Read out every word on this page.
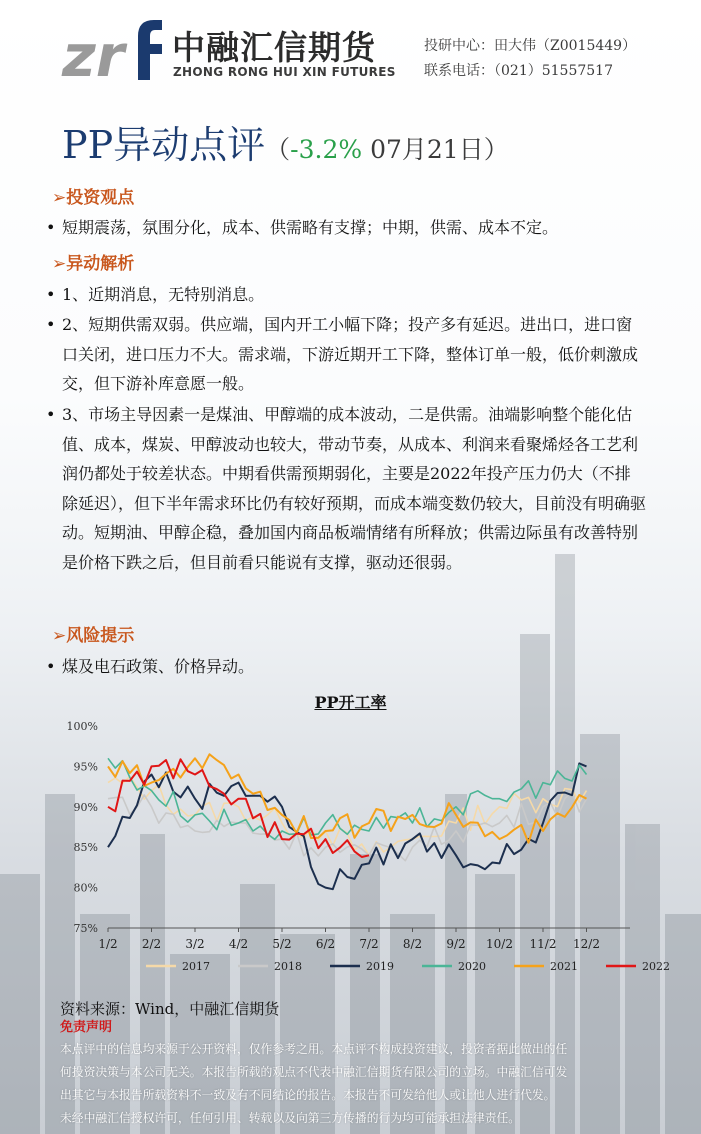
zr 中融汇信期货
ZHONG RONG HUI XIN FUTURES
投研中心：田大伟（Z0015449）
联系电话：（021）51557517
PP异动点评（-3.2% 07月21日）
➢投资观点
• 短期震荡，氛围分化，成本、供需略有支撑；中期，供需、成本不定。
➢异动解析
• 1、近期消息，无特别消息。
• 2、短期供需双弱。供应端，国内开工小幅下降；投产多有延迟。进出口，进口窗口关闭，进口压力不大。需求端，下游近期开工下降，整体订单一般，低价刺激成交，但下游补库意愿一般。
• 3、市场主导因素一是煤油、甲醇端的成本波动，二是供需。油端影响整个能化估值、成本，煤炭、甲醇波动也较大，带动节奏，从成本、利润来看聚烯烃各工艺利润仍都处于较差状态。中期看供需预期弱化，主要是2022年投产压力仍大（不排除延迟），但下半年需求环比仍有较好预期，而成本端变数仍较大，目前没有明确驱动。短期油、甲醇企稳，叠加国内商品板端情绪有所释放；供需边际虽有改善特别是价格下跌之后，但目前看只能说有支撑，驱动还很弱。
➢风险提示
• 煤及电石政策、价格异动。
PP开工率
75%
80%
85%
90%
95%
100%
1/2 2/2 3/2 4/2 5/2 6/2 7/2 8/2 9/2 10/2 11/2 12/2
2017	2018	2019	2020	2021	2022
资料来源：Wind，中融汇信期货
免责声明
本点评中的信息均来源于公开资料，仅作参考之用。本点评不构成投资建议，投资者据此做出的任
何投资决策与本公司无关。本报告所载的观点不代表中融汇信期货有限公司的立场。中融汇信可发
出其它与本报告所载资料不一致及有不同结论的报告。本报告不可发给他人或让他人进行代发。
未经中融汇信授权许可，任何引用、转载以及向第三方传播的行为均可能承担法律责任。
